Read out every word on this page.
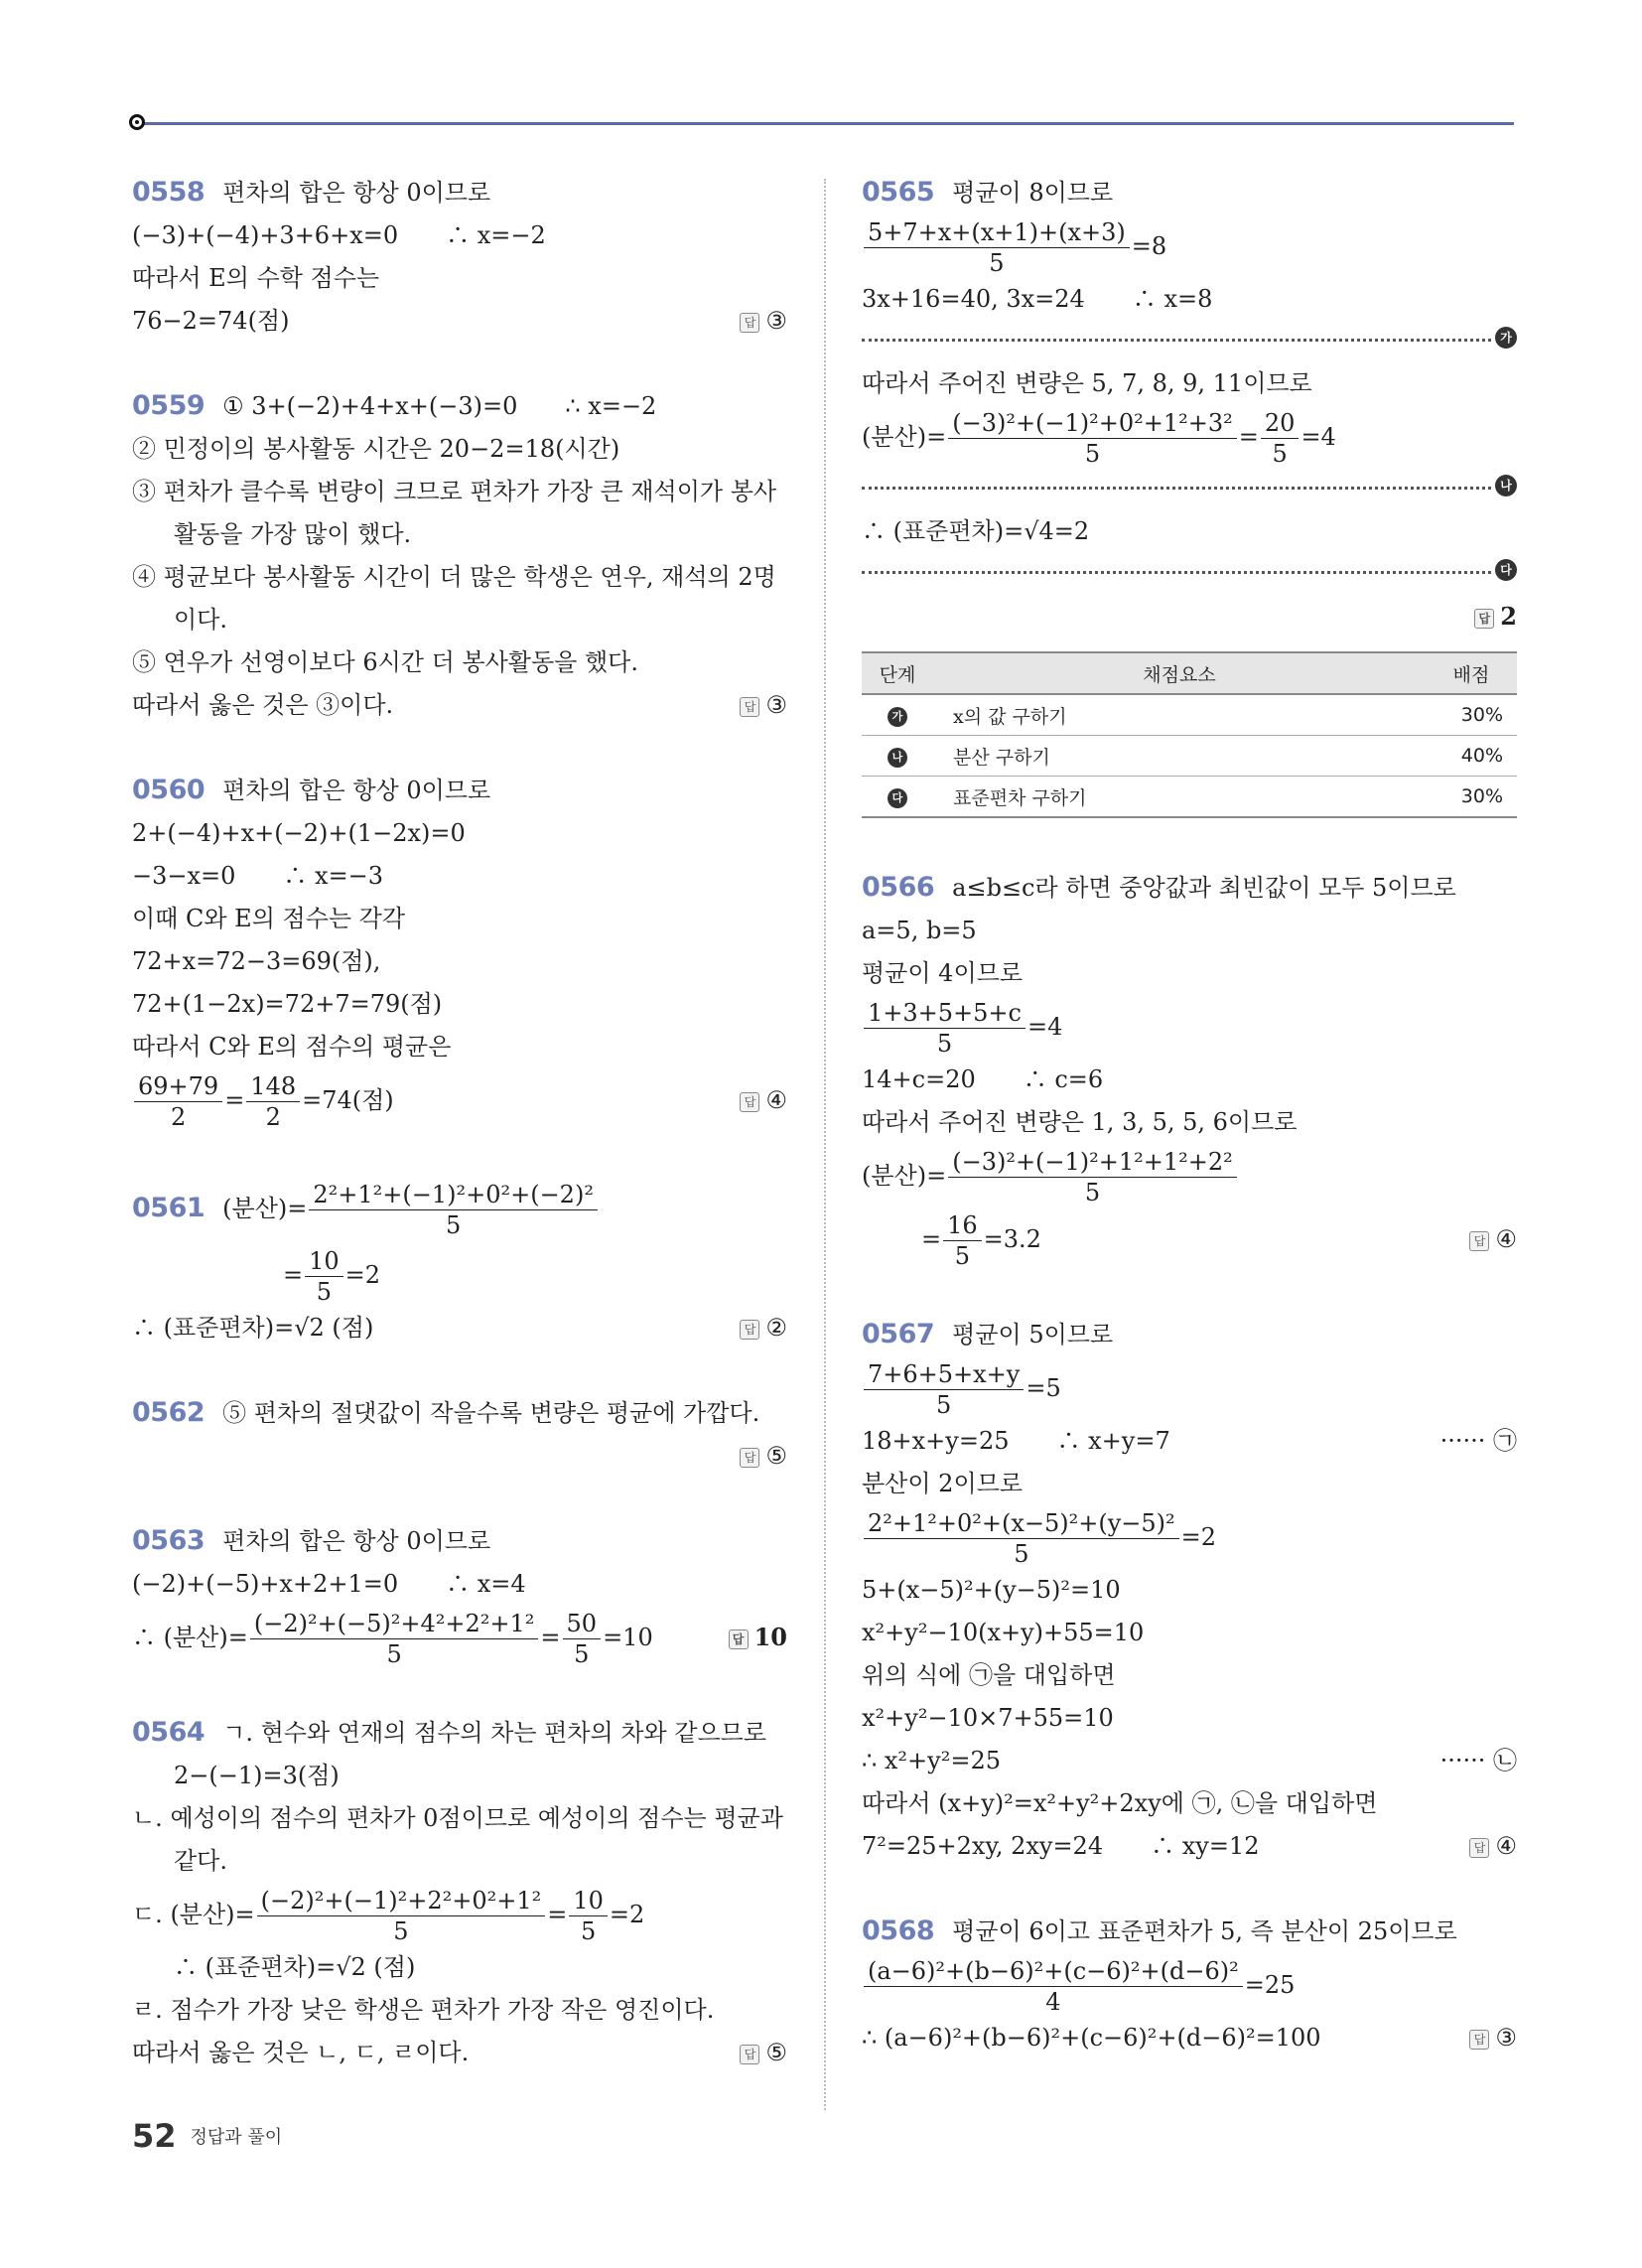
0558 편차의 합은 항상 0이므로
(−3)+(−4)+3+6+x=0　　∴ x=−2
따라서 E의 수학 점수는
76−2=74(점)	답 ③
0559 ① 3+(−2)+4+x+(−3)=0　　∴ x=−2
② 민정이의 봉사활동 시간은 20−2=18(시간)
③ 편차가 클수록 변량이 크므로 편차가 가장 큰 재석이가 봉사
활동을 가장 많이 했다.
④ 평균보다 봉사활동 시간이 더 많은 학생은 연우, 재석의 2명
이다.
⑤ 연우가 선영이보다 6시간 더 봉사활동을 했다.
따라서 옳은 것은 ③이다.	답 ③
0560 편차의 합은 항상 0이므로
2+(−4)+x+(−2)+(1−2x)=0
−3−x=0　　∴ x=−3
이때 C와 E의 점수는 각각
72+x=72−3=69(점),
72+(1−2x)=72+7=79(점)
따라서 C와 E의 점수의 평균은
$\frac{69+79}{2} = \frac{148}{2} =74$(점)	답 ④
0561 (분산)= $\frac{\text{2²+1²+(−1)²+0²+(−2)²}}{5}$
= $\frac{10}{5} =2$
∴ (표준편차)=√2 (점)	답 ②
0562 ⑤ 편차의 절댓값이 작을수록 변량은 평균에 가깝다.

답 ⑤
0563 편차의 합은 항상 0이므로
(−2)+(−5)+x+2+1=0　　∴ x=4
∴ (분산)= $\frac{\text{(−2)²+(−5)²+4²+2²+1²}}{5} = \frac{50}{5} =10$	답 10
0564 ㄱ. 현수와 연재의 점수의 차는 편차의 차와 같으므로
2−(−1)=3(점)
ㄴ. 예성이의 점수의 편차가 0점이므로 예성이의 점수는 평균과
같다.
ㄷ. (분산)= $\frac{\text{(−2)²+(−1)²+2²+0²+1²}}{5} = \frac{10}{5} =2$
∴ (표준편차)=√2 (점)
ㄹ. 점수가 가장 낮은 학생은 편차가 가장 작은 영진이다.
따라서 옳은 것은 ㄴ, ㄷ, ㄹ이다.	답 ⑤
0565 평균이 8이므로
$\frac{5+7+x+(x+1)+(x+3)}{5} =8$
3x+16=40, 3x=24　　∴ x=8
가
따라서 주어진 변량은 5, 7, 8, 9, 11이므로
(분산)= $\frac{\text{(−3)²+(−1)²+0²+1²+3²}}{5} = \frac{20}{5} =4$
나
∴ (표준편차)=√4=2
다

답 2
단계	채점요소	배점
가	x의 값 구하기	30%
나	분산 구하기	40%
다	표준편차 구하기	30%
0566 a≤b≤c라 하면 중앙값과 최빈값이 모두 5이므로
a=5, b=5
평균이 4이므로
$\frac{1+3+5+5+c}{5} =4$
14+c=20　　∴ c=6
따라서 주어진 변량은 1, 3, 5, 5, 6이므로
(분산)= $\frac{\text{(−3)²+(−1)²+1²+1²+2²}}{5}$
= $\frac{16}{5} =3.2$	답 ④
0567 평균이 5이므로
$\frac{7+6+5+x+y}{5} =5$
18+x+y=25　　∴ x+y=7	······ ㉠
분산이 2이므로
$\frac{\text{2²+1²+0²+(x−5)²+(y−5)²}}{5} =2$
5+(x−5)²+(y−5)²=10
x²+y²−10(x+y)+55=10
위의 식에 ㉠을 대입하면
x²+y²−10×7+55=10
∴ x²+y²=25	······ ㉡
따라서 (x+y)²=x²+y²+2xy에 ㉠, ㉡을 대입하면
7²=25+2xy, 2xy=24　　∴ xy=12	답 ④
0568 평균이 6이고 표준편차가 5, 즉 분산이 25이므로
$\frac{\text{(a−6)²+(b−6)²+(c−6)²+(d−6)²}}{4} =25$
∴ (a−6)²+(b−6)²+(c−6)²+(d−6)²=100	답 ③
52 정답과 풀이
